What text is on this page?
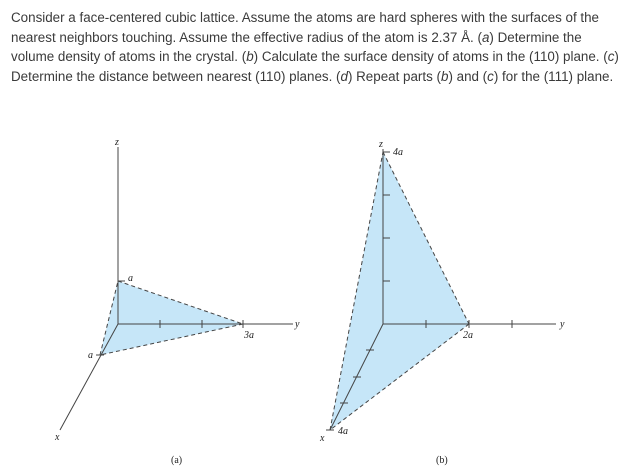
Consider a face-centered cubic lattice. Assume the atoms are hard spheres with the surfaces of the nearest neighbors touching. Assume the effective radius of the atom is 2.37 Å. (a) Determine the volume density of atoms in the crystal. (b) Calculate the surface density of atoms in the (110) plane. (c) Determine the distance between nearest (110) planes. (d) Repeat parts (b) and (c) for the (111) plane.

z
y
x
a
3a
a
(a)
z
y
x
4a
2a
4a
(b)
